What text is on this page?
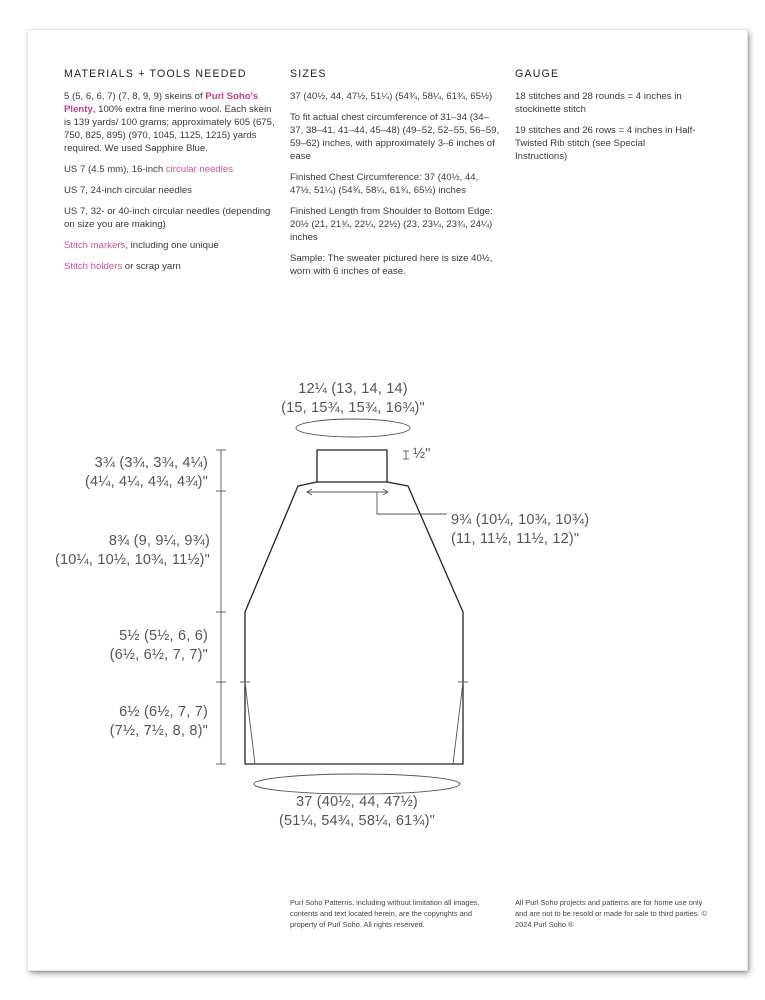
MATERIALS + TOOLS NEEDED

5 (5, 6, 6, 7) (7, 8, 9, 9) skeins of Purl Soho's Plenty, 100% extra fine merino wool. Each skein is 139 yards/ 100 grams; approximately 605 (675, 750, 825, 895) (970, 1045, 1125, 1215) yards required. We used Sapphire Blue.

US 7 (4.5 mm), 16-inch circular needles

US 7, 24-inch circular needles

US 7, 32- or 40-inch circular needles (depending on size you are making)

Stitch markers, including one unique

Stitch holders or scrap yarn

SIZES

37 (40½, 44, 47½, 51¼) (54¾, 58¼, 61¾, 65½)

To fit actual chest circumference of 31–34 (34–37, 38–41, 41–44, 45–48) (49–52, 52–55, 56–59, 59–62) inches, with approximately 3–6 inches of ease

Finished Chest Circumference: 37 (40½, 44, 47½, 51¼) (54¾, 58¼, 61¾, 65½) inches

Finished Length from Shoulder to Bottom Edge: 20½ (21, 21¾, 22¼, 22½) (23, 23¼, 23¾, 24¼) inches

Sample: The sweater pictured here is size 40½, worn with 6 inches of ease.

GAUGE

18 stitches and 28 rounds = 4 inches in stockinette stitch

19 stitches and 26 rows = 4 inches in Half-Twisted Rib stitch (see Special Instructions)

12¼ (13, 14, 14)
(15, 15¾, 15¾, 16¾)"
½"
3¾ (3¾, 3¾, 4¼)
(4¼, 4¼, 4¾, 4¾)"
9¾ (10¼, 10¾, 10¾)
(11, 11½, 11½, 12)"
8¾ (9, 9¼, 9¾)
(10¼, 10½, 10¾, 11½)"
5½ (5½, 6, 6)
(6½, 6½, 7, 7)"
6½ (6½, 7, 7)
(7½, 7½, 8, 8)"
37 (40½, 44, 47½)
(51¼, 54¾, 58¼, 61¾)"
Purl Soho Patterns, including without limitation all images, contents and text located herein, are the copyrights and property of Purl Soho. All rights reserved.
All Purl Soho projects and patterns are for home use only and are not to be resold or made for sale to third parties. © 2024 Purl Soho ®
